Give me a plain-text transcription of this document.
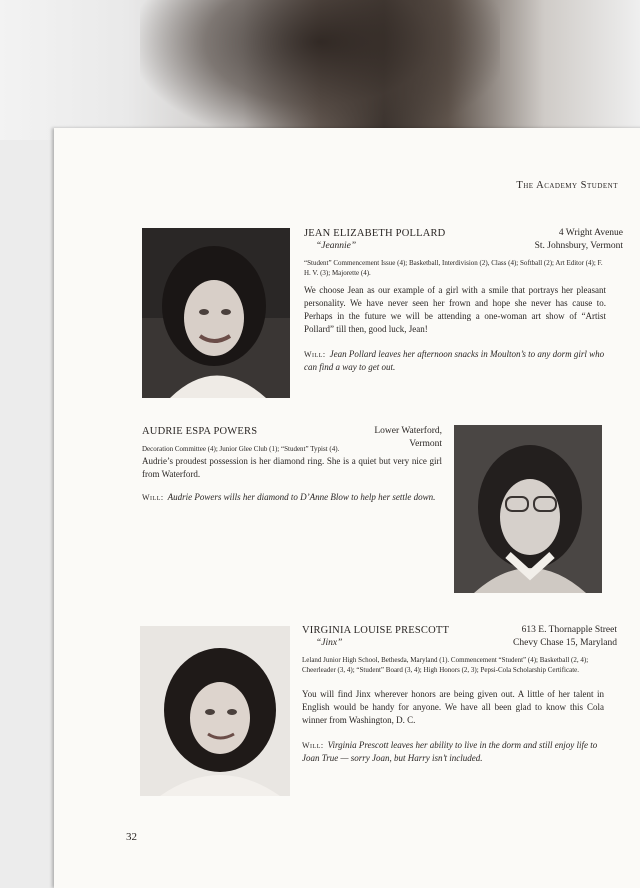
The Academy Student
JEAN ELIZABETH POLLARD
“Jeannie”
4 Wright Avenue
St. Johnsbury, Vermont
“Student” Commencement Issue (4); Basketball, Interdivision (2), Class (4); Softball (2); Art Editor (4); F. H. V. (3); Majorette (4).
We choose Jean as our example of a girl with a smile that portrays her pleasant personality. We have never seen her frown and hope she never has cause to. Perhaps in the future we will be attending a one-woman art show of “Artist Pollard” till then, good luck, Jean!
Will: Jean Pollard leaves her afternoon snacks in Moulton’s to any dorm girl who can find a way to get out.
AUDRIE ESPA POWERS	Lower Waterford, Vermont
Decoration Committee (4); Junior Glee Club (1); “Student” Typist (4).
Audrie’s proudest possession is her diamond ring. She is a quiet but very nice girl from Waterford.
Will: Audrie Powers wills her diamond to D’Anne Blow to help her settle down.
VIRGINIA LOUISE PRESCOTT
“Jinx”
613 E. Thornapple Street
Chevy Chase 15, Maryland
Leland Junior High School, Bethesda, Maryland (1). Commencement “Student” (4); Basketball (2, 4); Cheerleader (3, 4); “Student” Board (3, 4); High Honors (2, 3); Pepsi-Cola Scholarship Certificate.
You will find Jinx wherever honors are being given out. A little of her talent in English would be handy for anyone. We have all been glad to know this Cola winner from Washington, D. C.
Will: Virginia Prescott leaves her ability to live in the dorm and still enjoy life to Joan True — sorry Joan, but Harry isn’t included.
32
